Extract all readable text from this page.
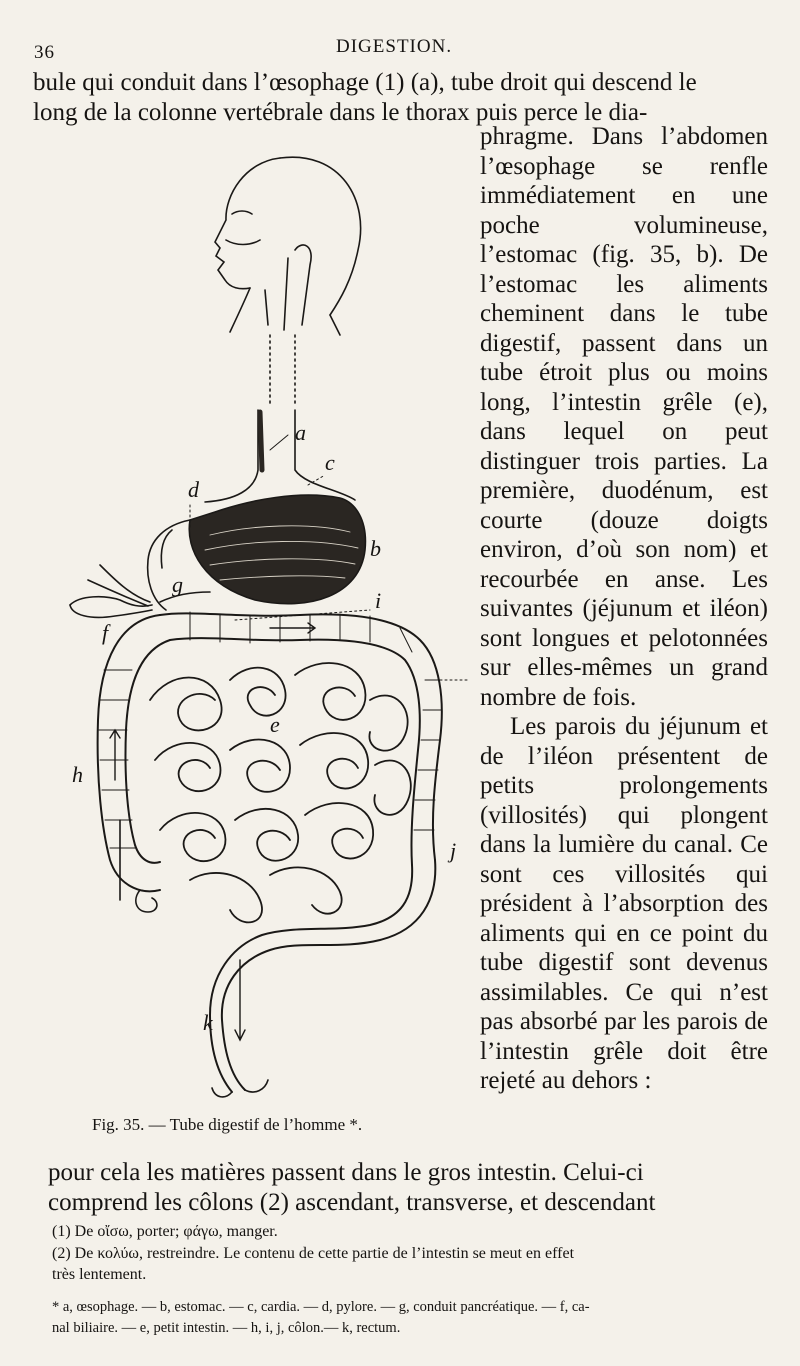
36	DIGESTION.
bule qui conduit dans l’œsophage (1) (a), tube droit qui descend le
long de la colonne vertébrale dans le thorax puis perce le dia-
a
c
d
b
g
i
f
e
h
j
k
Fig. 35. — Tube digestif de l’homme *.

phragme. Dans l’abdomen l’œsophage se renfle immédiatement en une poche volumineuse, l’estomac (fig. 35, b). De l’estomac les aliments cheminent dans le tube digestif, passent dans un tube étroit plus ou moins long, l’intestin grêle (e), dans lequel on peut distinguer trois parties. La première, duodénum, est courte (douze doigts environ, d’où son nom) et recourbée en anse. Les suivantes (jéjunum et iléon) sont longues et pelotonnées sur elles-mêmes un grand nombre de fois.

Les parois du jéjunum et de l’iléon présentent de petits prolongements (villosités) qui plongent dans la lumière du canal. Ce sont ces villosités qui président à l’absorption des aliments qui en ce point du tube digestif sont devenus assimilables. Ce qui n’est pas absorbé par les parois de l’intestin grêle doit être rejeté au dehors :

pour cela les matières passent dans le gros intestin. Celui-ci
comprend les côlons (2) ascendant, transverse, et descendant
(1) De οἴσω, porter; φάγω, manger.
(2) De κολύω, restreindre. Le contenu de cette partie de l’intestin se meut en effet
très lentement.
* a, œsophage. — b, estomac. — c, cardia. — d, pylore. — g, conduit pancréatique. — f, ca-
nal biliaire. — e, petit intestin. — h, i, j, côlon.— k, rectum.
